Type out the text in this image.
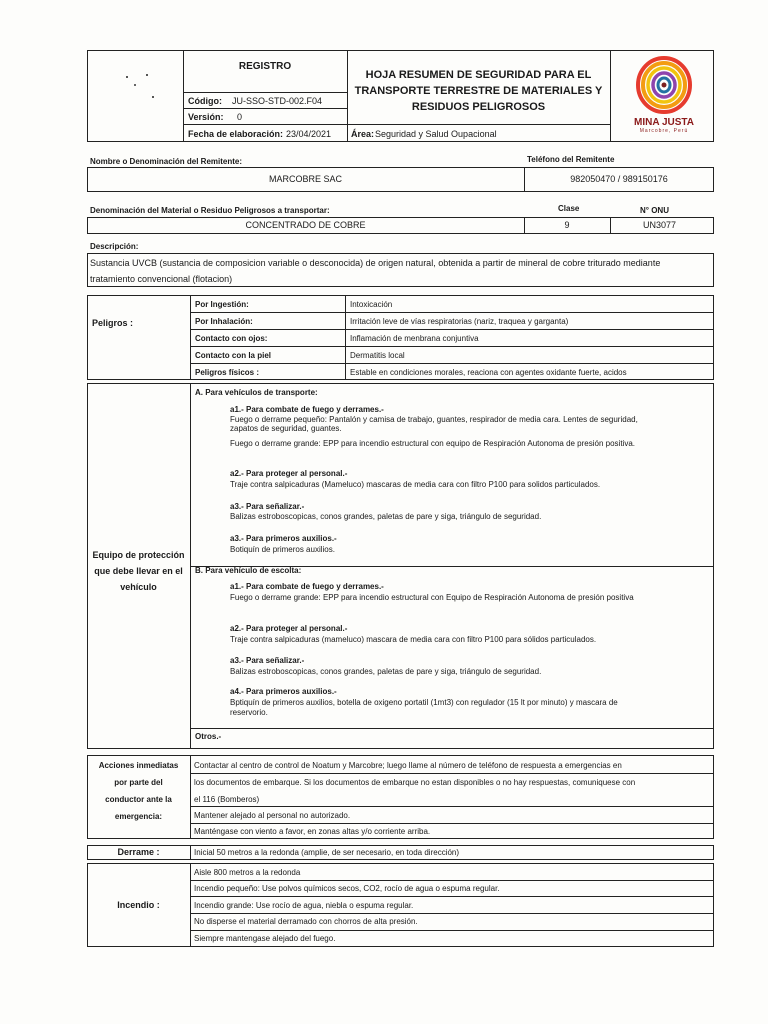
REGISTRO
Código: JU-SSO-STD-002.F04
Versión: 0
Fecha de elaboración: 23/04/2021 Área: Seguridad y Salud Oupacional
HOJA RESUMEN DE SEGURIDAD PARA EL
TRANSPORTE TERRESTRE DE MATERIALES Y
RESIDUOS PELIGROSOS
MINA JUSTA
Marcobre, Perú
Nombre o Denominación del Remitente:	Teléfono del Remitente
MARCOBRE SAC	982050470 / 989150176
Denominación del Material o Residuo Peligrosos a transportar:	Clase	N° ONU
CONCENTRADO DE COBRE	9	UN3077
Descripción:
Sustancia UVCB (sustancia de composicion variable o desconocida) de origen natural, obtenida a partir de mineral de cobre triturado mediante
tratamiento convencional (flotacion)
Peligros :
Por Ingestión:	Intoxicación
Por Inhalación:	Irritación leve de vías respiratorias (nariz, traquea y garganta)
Contacto con ojos:	Inflamación de menbrana conjuntiva
Contacto con la piel	Dermatitis local
Peligros físicos :	Estable en condiciones morales, reaciona con agentes oxidante fuerte, acidos
Equipo de protección
que debe llevar en el
vehículo
A. Para vehículos de transporte:
a1.- Para combate de fuego y derrames.-
Fuego o derrame pequeño: Pantalón y camisa de trabajo, guantes, respirador de media cara. Lentes de seguridad,
zapatos de seguridad, guantes.
Fuego o derrame grande: EPP para incendio estructural con equipo de Respiración Autonoma de presión positiva.
a2.- Para proteger al personal.-
Traje contra salpicaduras (Mameluco) mascaras de media cara con filtro P100 para solidos particulados.
a3.- Para señalizar.-
Balizas estroboscopicas, conos grandes, paletas de pare y siga, triángulo de seguridad.
a3.- Para primeros auxilios.-
Botiquín de primeros auxilios.
B. Para vehículo de escolta:
a1.- Para combate de fuego y derrames.-
Fuego o derrame grande: EPP para incendio estructural con Equipo de Respiración Autonoma de presión positiva
a2.- Para proteger al personal.-
Traje contra salpicaduras (mameluco) mascara de media cara con filtro P100 para sólidos particulados.
a3.- Para señalizar.-
Balizas estroboscopicas, conos grandes, paletas de pare y siga, triángulo de seguridad.
a4.- Para primeros auxilios.-
Bptiquín de primeros auxilios, botella de oxigeno portatil (1mt3) con regulador (15 lt por minuto) y mascara de
reservorio.
Otros.-
Acciones inmediatas
por parte del
conductor ante la
emergencia:
Contactar al centro de control de Noatum y Marcobre; luego llame al número de teléfono de respuesta a emergencias en
los documentos de embarque. Si los documentos de embarque no estan disponibles o no hay respuestas, comuniquese con
el 116 (Bomberos)
Mantener alejado al personal no autorizado.
Manténgase con viento a favor, en zonas altas y/o corriente arriba.
Derrame :	Inicial 50 metros a la redonda (amplie, de ser necesario, en toda dirección)
Incendio :
Aisle 800 metros a la redonda
Incendio pequeño: Use polvos químicos secos, CO2, rocío de agua o espuma regular.
Incendio grande: Use rocío de agua, niebla o espuma regular.
No disperse el material derramado con chorros de alta presión.
Siempre mantengase alejado del fuego.
